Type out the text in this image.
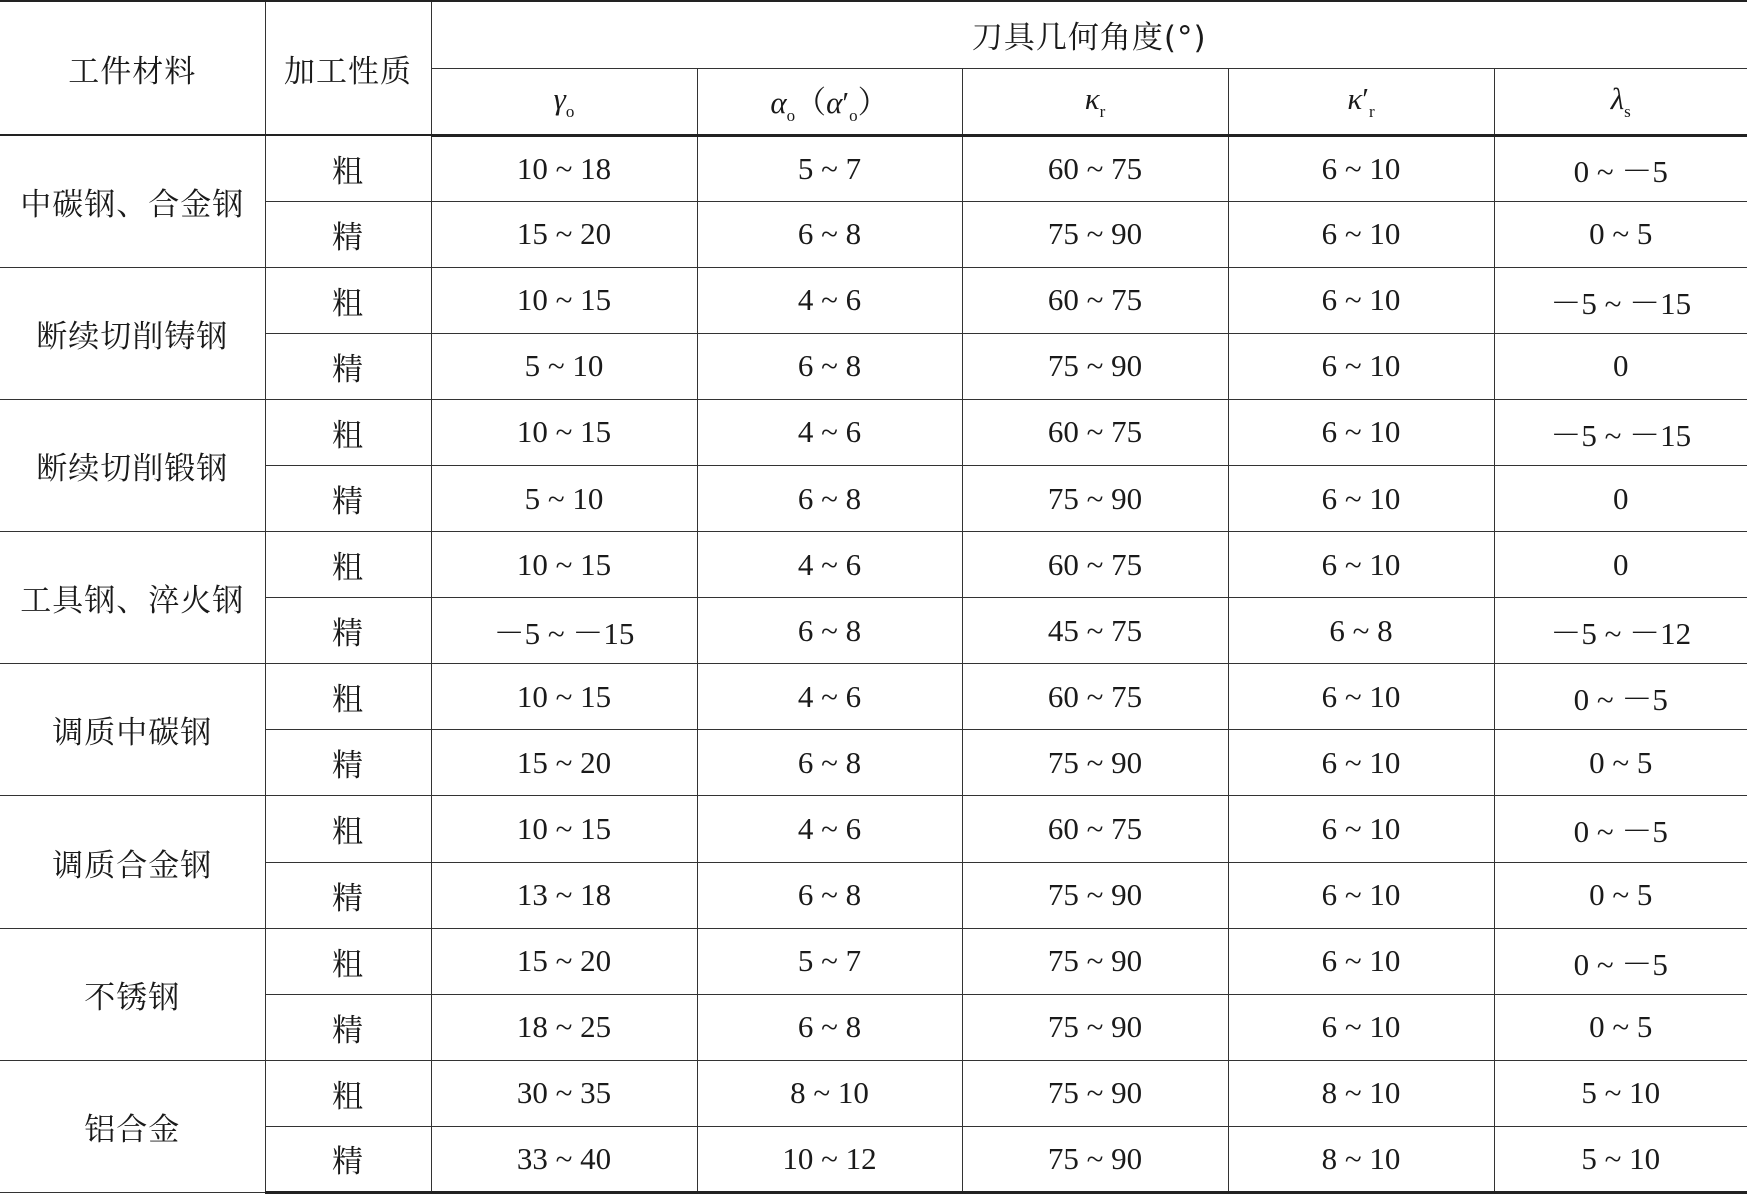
工件材料	加工性质	刀具几何角度(°)				
		$\gamma_o$	$\alpha_o(\alpha'_o)$	$\kappa_r$	$\kappa'_r$	$\lambda_s$
中碳钢、合金钢	粗	10 ~ 18	5 ~ 7	60 ~ 75	6 ~ 10	0 ~ －5
	精	15 ~ 20	6 ~ 8	75 ~ 90	6 ~ 10	0 ~ 5
断续切削铸钢	粗	10 ~ 15	4 ~ 6	60 ~ 75	6 ~ 10	－5 ~ －15
	精	5 ~ 10	6 ~ 8	75 ~ 90	6 ~ 10	0
断续切削锻钢	粗	10 ~ 15	4 ~ 6	60 ~ 75	6 ~ 10	－5 ~ －15
	精	5 ~ 10	6 ~ 8	75 ~ 90	6 ~ 10	0
工具钢、淬火钢	粗	10 ~ 15	4 ~ 6	60 ~ 75	6 ~ 10	0
	精	－5 ~ －15	6 ~ 8	45 ~ 75	6 ~ 8	－5 ~ －12
调质中碳钢	粗	10 ~ 15	4 ~ 6	60 ~ 75	6 ~ 10	0 ~ －5
	精	15 ~ 20	6 ~ 8	75 ~ 90	6 ~ 10	0 ~ 5
调质合金钢	粗	10 ~ 15	4 ~ 6	60 ~ 75	6 ~ 10	0 ~ －5
	精	13 ~ 18	6 ~ 8	75 ~ 90	6 ~ 10	0 ~ 5
不锈钢	粗	15 ~ 20	5 ~ 7	75 ~ 90	6 ~ 10	0 ~ －5
	精	18 ~ 25	6 ~ 8	75 ~ 90	6 ~ 10	0 ~ 5
铝合金	粗	30 ~ 35	8 ~ 10	75 ~ 90	8 ~ 10	5 ~ 10
	精	33 ~ 40	10 ~ 12	75 ~ 90	8 ~ 10	5 ~ 10
